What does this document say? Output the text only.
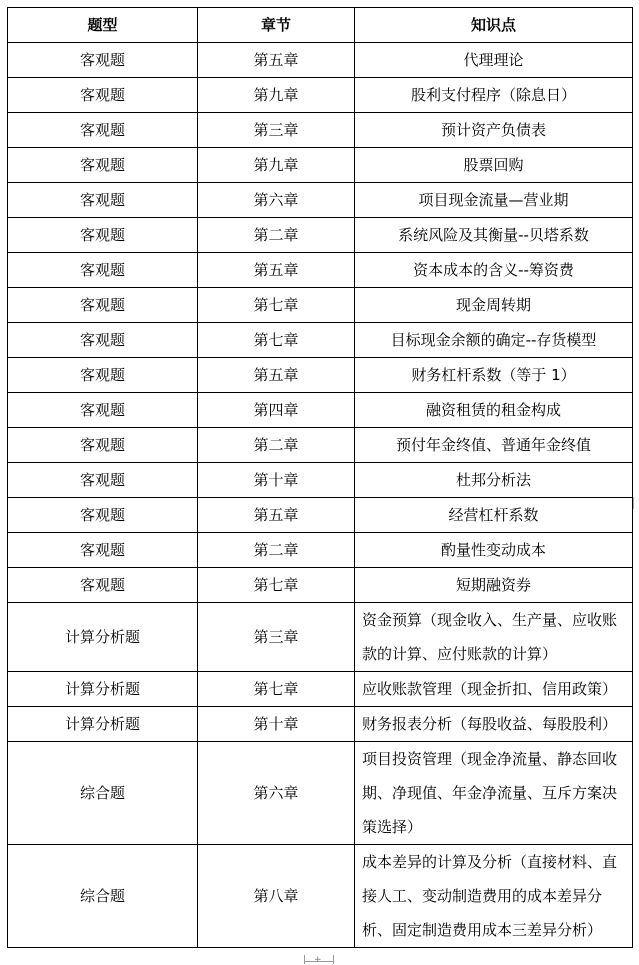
题型	章节	知识点
客观题	第五章	代理理论
客观题	第九章	股利支付程序（除息日）
客观题	第三章	预计资产负债表
客观题	第九章	股票回购
客观题	第六章	项目现金流量—营业期
客观题	第二章	系统风险及其衡量--贝塔系数
客观题	第五章	资本成本的含义--筹资费
客观题	第七章	现金周转期
客观题	第七章	目标现金余额的确定--存货模型
客观题	第五章	财务杠杆系数（等于 1）
客观题	第四章	融资租赁的租金构成
客观题	第二章	预付年金终值、普通年金终值
客观题	第十章	杜邦分析法
客观题	第五章	经营杠杆系数
客观题	第二章	酌量性变动成本
客观题	第七章	短期融资券
计算分析题	第三章	资金预算（现金收入、生产量、应收账款的计算、应付账款的计算）
计算分析题	第七章	应收账款管理（现金折扣、信用政策）
计算分析题	第十章	财务报表分析（每股收益、每股股利）
综合题	第六章	项目投资管理（现金净流量、静态回收期、净现值、年金净流量、互斥方案决策选择）
综合题	第八章	成本差异的计算及分析（直接材料、直接人工、变动制造费用的成本差异分析、固定制造费用成本三差异分析）
+
